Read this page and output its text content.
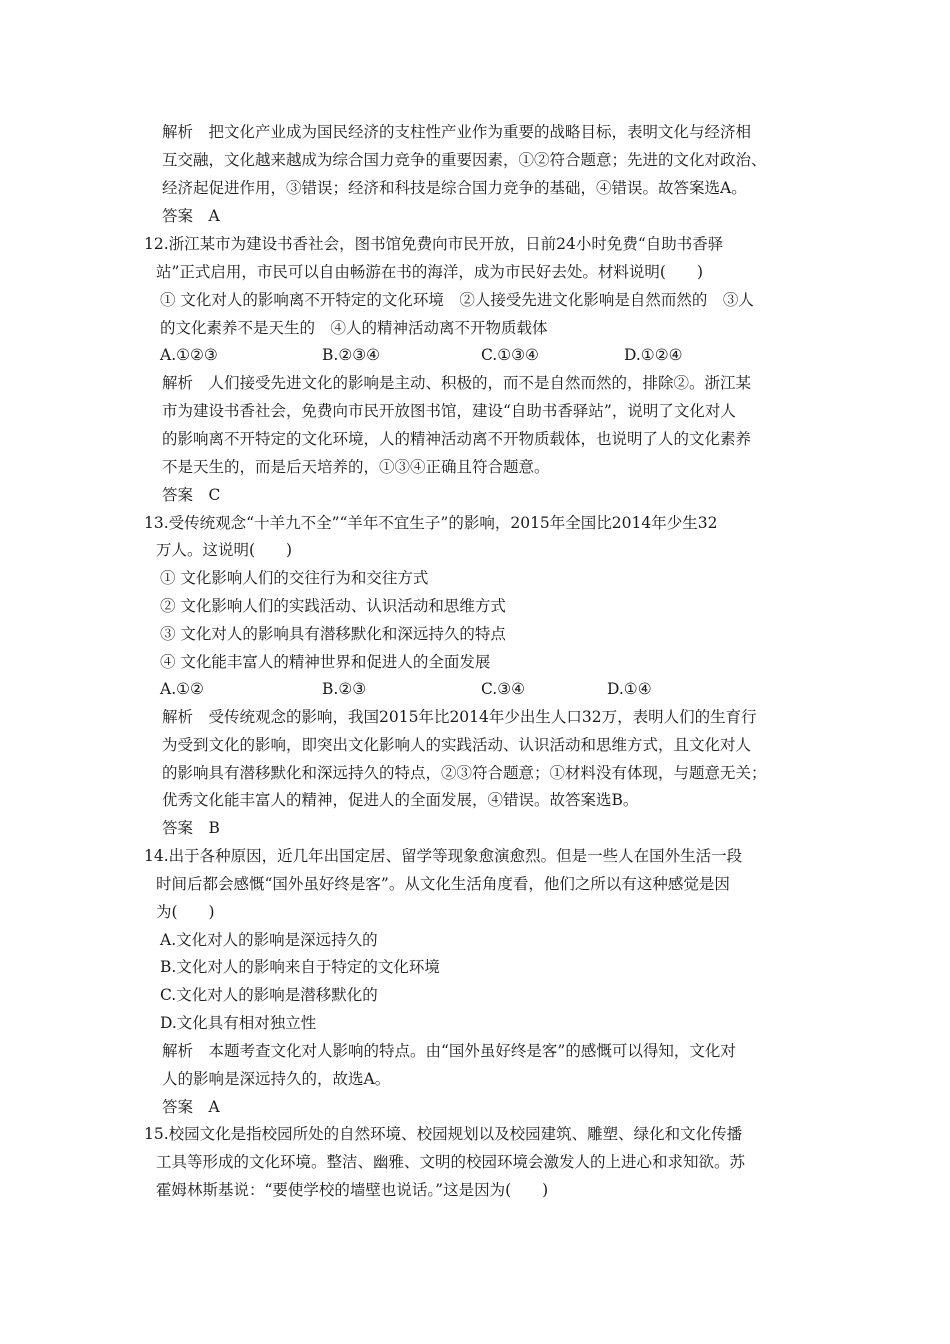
解析　把文化产业成为国民经济的支柱性产业作为重要的战略目标，表明文化与经济相
互交融，文化越来越成为综合国力竞争的重要因素，①②符合题意；先进的文化对政治、
经济起促进作用，③错误；经济和科技是综合国力竞争的基础，④错误。故答案选A。
答案　A
12.浙江某市为建设书香社会，图书馆免费向市民开放，日前24小时免费“自助书香驿
站”正式启用，市民可以自由畅游在书的海洋，成为市民好去处。材料说明(　　)
① 文化对人的影响离不开特定的文化环境　②人接受先进文化影响是自然而然的　③人
的文化素养不是天生的　④人的精神活动离不开物质载体
A.①②③	B.②③④	C.①③④	D.①②④
解析　人们接受先进文化的影响是主动、积极的，而不是自然而然的，排除②。浙江某
市为建设书香社会，免费向市民开放图书馆，建设“自助书香驿站”，说明了文化对人
的影响离不开特定的文化环境，人的精神活动离不开物质载体，也说明了人的文化素养
不是天生的，而是后天培养的，①③④正确且符合题意。
答案　C
13.受传统观念“十羊九不全”“羊年不宜生子”的影响，2015年全国比2014年少生32
万人。这说明(　　)
① 文化影响人们的交往行为和交往方式
② 文化影响人们的实践活动、认识活动和思维方式
③ 文化对人的影响具有潜移默化和深远持久的特点
④ 文化能丰富人的精神世界和促进人的全面发展
A.①②	B.②③	C.③④	D.①④
解析　受传统观念的影响，我国2015年比2014年少出生人口32万，表明人们的生育行
为受到文化的影响，即突出文化影响人的实践活动、认识活动和思维方式，且文化对人
的影响具有潜移默化和深远持久的特点，②③符合题意；①材料没有体现，与题意无关；
优秀文化能丰富人的精神，促进人的全面发展，④错误。故答案选B。
答案　B
14.出于各种原因，近几年出国定居、留学等现象愈演愈烈。但是一些人在国外生活一段
时间后都会感慨“国外虽好终是客”。从文化生活角度看，他们之所以有这种感觉是因
为(　　)
A.文化对人的影响是深远持久的
B.文化对人的影响来自于特定的文化环境
C.文化对人的影响是潜移默化的
D.文化具有相对独立性
解析　本题考查文化对人影响的特点。由“国外虽好终是客”的感慨可以得知，文化对
人的影响是深远持久的，故选A。
答案　A
15.校园文化是指校园所处的自然环境、校园规划以及校园建筑、雕塑、绿化和文化传播
工具等形成的文化环境。整洁、幽雅、文明的校园环境会激发人的上进心和求知欲。苏
霍姆林斯基说：“要使学校的墙壁也说话。”这是因为(　　)
